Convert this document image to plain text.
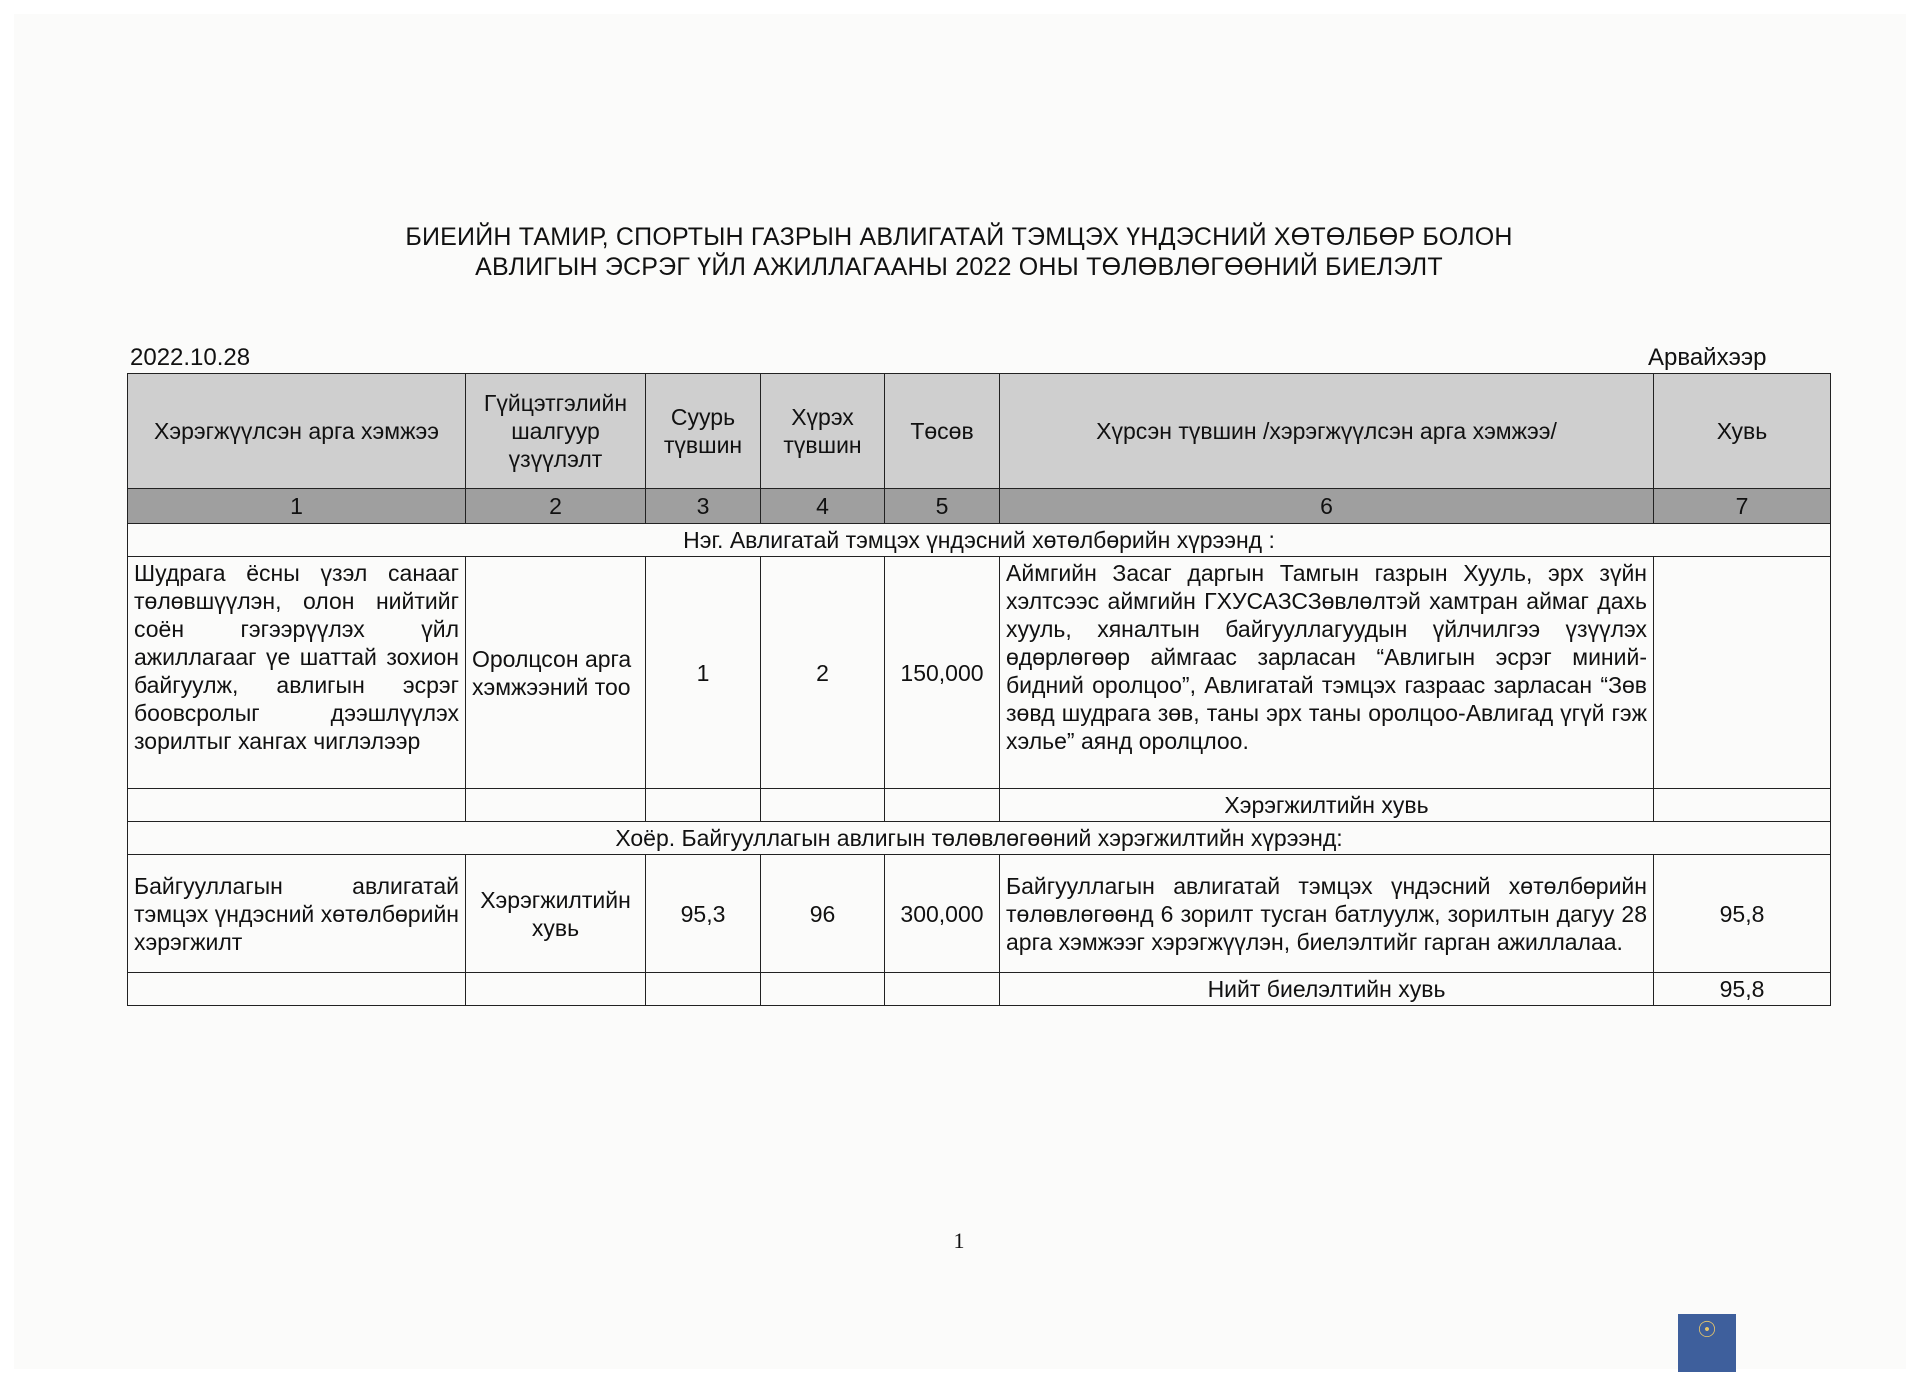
БИЕИЙН ТАМИР, СПОРТЫН ГАЗРЫН АВЛИГАТАЙ ТЭМЦЭХ ҮНДЭСНИЙ ХӨТӨЛБӨР БОЛОН
АВЛИГЫН ЭСРЭГ ҮЙЛ АЖИЛЛАГААНЫ 2022 ОНЫ ТӨЛӨВЛӨГӨӨНИЙ БИЕЛЭЛТ
2022.10.28	Арвайхээр
Хэрэгжүүлсэн арга хэмжээ	Гүйцэтгэлийн шалгуур үзүүлэлт	Суурь түвшин	Хүрэх түвшин	Төсөв	Хүрсэн түвшин /хэрэгжүүлсэн арга хэмжээ/	Хувь
1	2	3	4	5	6	7
Нэг. Авлигатай тэмцэх үндэсний хөтөлбөрийн хүрээнд :						
Шудрага ёсны үзэл санааг төлөвшүүлэн, олон нийтийг соён гэгээрүүлэх үйл ажиллагааг үе шаттай зохион байгуулж, авлигын эсрэг боовсролыг дээшлүүлэх зорилтыг хангах чиглэлээр	Оролцсон арга хэмжээний тоо	1	2	150,000	Аймгийн Засаг даргын Тамгын газрын Хууль, эрх зүйн хэлтсээс аймгийн ГХУСАЗСЗөвлөлтэй хамтран аймаг дахь хууль, хяналтын байгууллагуудын үйлчилгээ үзүүлэх өдөрлөгөөр аймгаас зарласан “Авлигын эсрэг миний-бидний оролцоо”, Авлигатай тэмцэх газраас зарласан “Зөв зөвд шудрага зөв, таны эрх таны оролцоо-Авлигад үгүй гэж хэлье” аянд оролцлоо.	
					Хэрэгжилтийн хувь	
Хоёр. Байгууллагын авлигын төлөвлөгөөний хэрэгжилтийн хүрээнд:						
Байгууллагын авлигатай тэмцэх үндэсний хөтөлбөрийн хэрэгжилт	Хэрэгжилтийн хувь	95,3	96	300,000	Байгууллагын авлигатай тэмцэх үндэсний хөтөлбөрийн төлөвлөгөөнд 6 зорилт тусган батлуулж, зорилтын дагуу 28 арга хэмжээг хэрэгжүүлэн, биелэлтийг гарган ажиллалаа.	95,8
					Нийт биелэлтийн хувь	95,8
1
☉
